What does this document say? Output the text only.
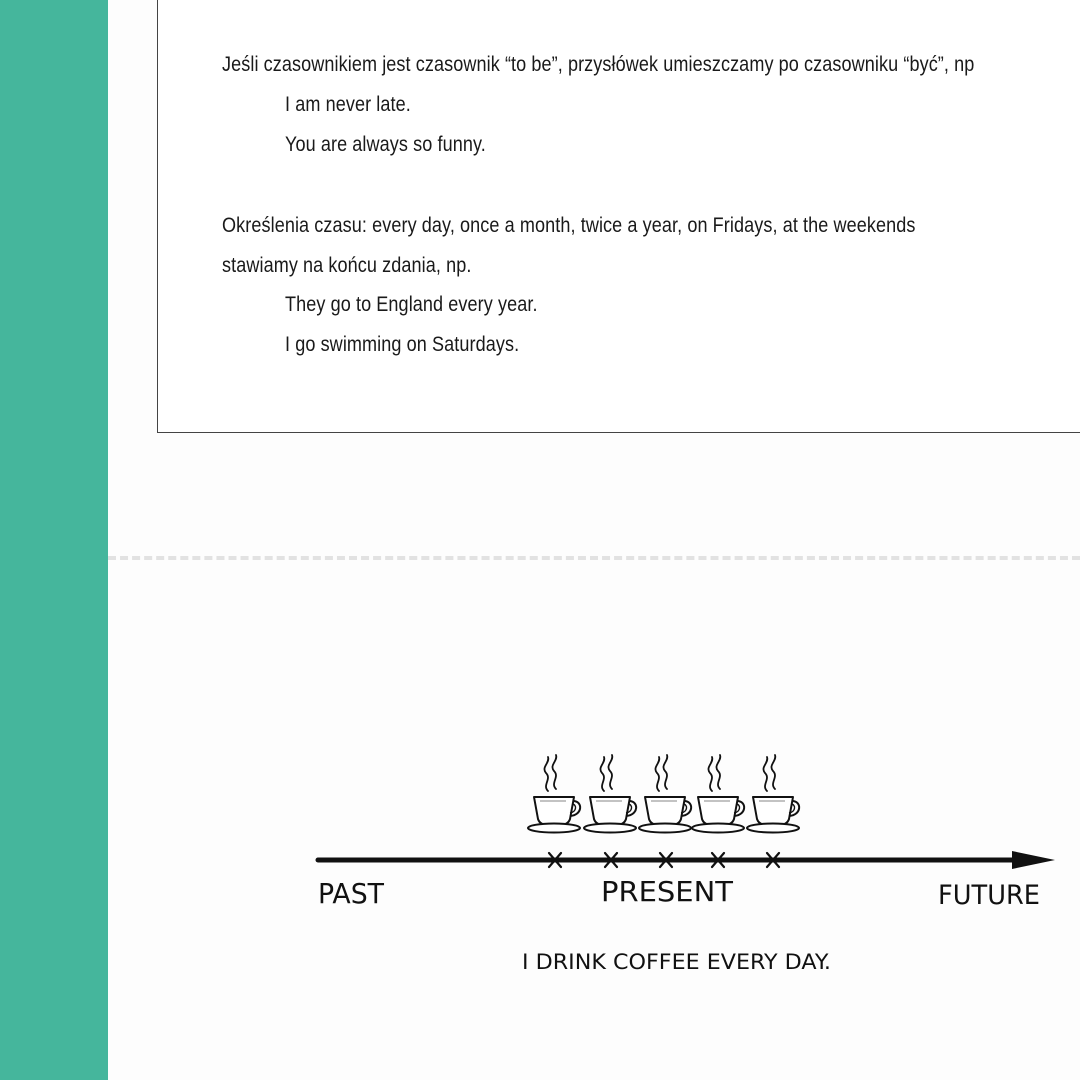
Jeśli czasownikiem jest czasownik “to be”, przysłówek umieszczamy po czasowniku “być”, np

I am never late.

You are always so funny.

Określenia czasu: every day, once a month, twice a year, on Fridays, at the weekends

stawiamy na końcu zdania, np.

They go to England every year.

I go swimming on Saturdays.

PAST	PRESENT	FUTURE
I DRINK COFFEE EVERY DAY.
